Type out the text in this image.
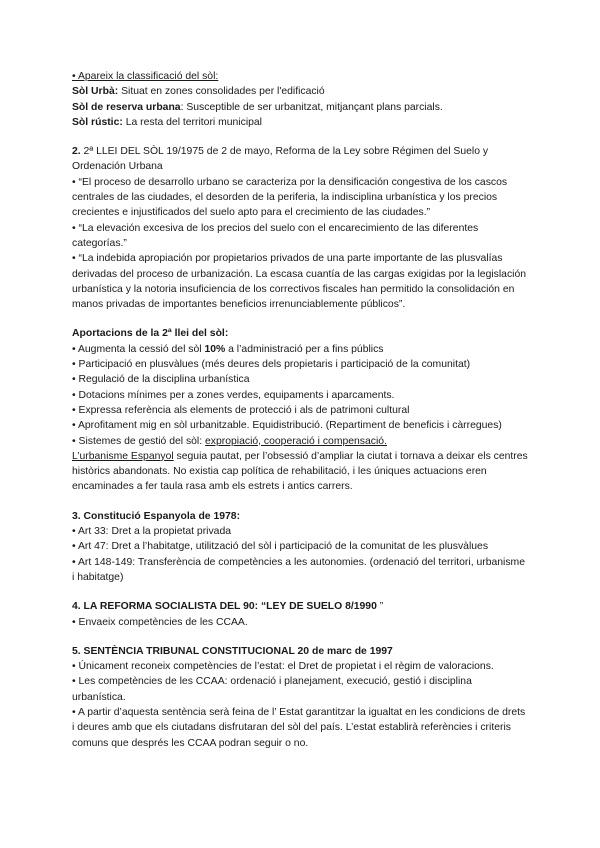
• Apareix la classificació del sòl:

Sòl Urbà: Situat en zones consolidades per l'edificació

Sòl de reserva urbana: Susceptible de ser urbanitzat, mitjançant plans parcials.

Sòl rústic: La resta del territori municipal

2. 2ª LLEI DEL SÒL 19/1975 de 2 de mayo, Reforma de la Ley sobre Régimen del Suelo y Ordenación Urbana

• “El proceso de desarrollo urbano se caracteriza por la densificación congestiva de los cascos centrales de las ciudades, el desorden de la periferia, la indisciplina urbanística y los precios crecientes e injustificados del suelo apto para el crecimiento de las ciudades.”

• “La elevación excesiva de los precios del suelo con el encarecimiento de las diferentes categorías.”

• “La indebida apropiación por propietarios privados de una parte importante de las plusvalías derivadas del proceso de urbanización. La escasa cuantía de las cargas exigidas por la legislación urbanística y la notoria insuficiencia de los correctivos fiscales han permitido la consolidación en manos privadas de importantes beneficios irrenunciablemente públicos”.

Aportacions de la 2ª llei del sòl:

• Augmenta la cessió del sòl 10% a l’administració per a fins públics

• Participació en plusvàlues (més deures dels propietaris i participació de la comunitat)

• Regulació de la disciplina urbanística

• Dotacions mínimes per a zones verdes, equipaments i aparcaments.

• Expressa referència als elements de protecció i als de patrimoni cultural

• Aprofitament mig en sòl urbanitzable. Equidistribució. (Repartiment de beneficis i càrregues)

• Sistemes de gestió del sòl: expropiació, cooperació i compensació.

L’urbanisme Espanyol seguia pautat, per l’obsessió d’ampliar la ciutat i tornava a deixar els centres històrics abandonats. No existia cap política de rehabilitació, i les úniques actuacions eren encaminades a fer taula rasa amb els estrets i antics carrers.

3. Constitució Espanyola de 1978:

• Art 33: Dret a la propietat privada

• Art 47: Dret a l’habitatge, utilització del sòl i participació de la comunitat de les plusvàlues

• Art 148-149: Transferència de competències a les autonomies. (ordenació del territori, urbanisme i habitatge)

4. LA REFORMA SOCIALISTA DEL 90: “LEY DE SUELO 8/1990 ”

• Envaeix competències de les CCAA.

5. SENTÈNCIA TRIBUNAL CONSTITUCIONAL 20 de marc de 1997

• Únicament reconeix competències de l’estat: el Dret de propietat i el règim de valoracions.

• Les competències de les CCAA: ordenació i planejament, execució, gestió i disciplina urbanística.

• A partir d’aquesta sentència serà feina de l’ Estat garantitzar la igualtat en les condicions de drets i deures amb que els ciutadans disfrutaran del sòl del país. L’estat establirà referències i criteris comuns que després les CCAA podran seguir o no.
